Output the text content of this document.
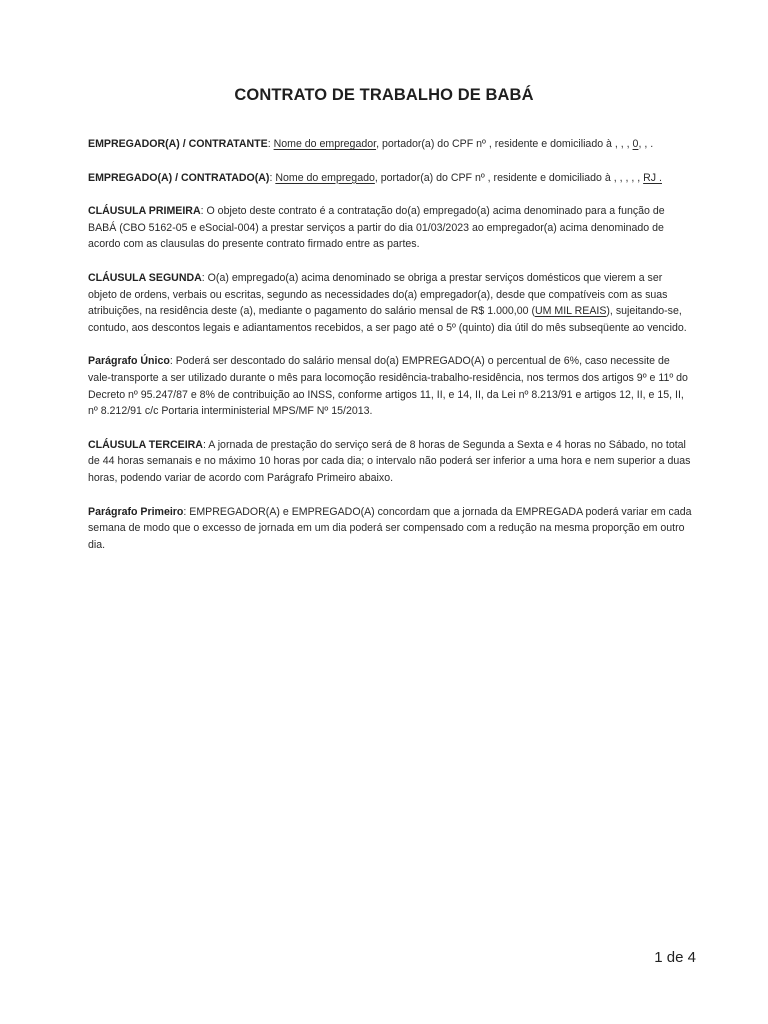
CONTRATO DE TRABALHO DE BABÁ

EMPREGADOR(A) / CONTRATANTE: Nome do empregador, portador(a) do CPF nº , residente e domiciliado à , , , 0, , .

EMPREGADO(A) / CONTRATADO(A): Nome do empregado, portador(a) do CPF nº , residente e domiciliado à , , , , , RJ .

CLÁUSULA PRIMEIRA: O objeto deste contrato é a contratação do(a) empregado(a) acima denominado para a função de BABÁ (CBO 5162-05 e eSocial-004) a prestar serviços a partir do dia 01/03/2023 ao empregador(a) acima denominado de acordo com as clausulas do presente contrato firmado entre as partes.

CLÁUSULA SEGUNDA: O(a) empregado(a) acima denominado se obriga a prestar serviços domésticos que vierem a ser objeto de ordens, verbais ou escritas, segundo as necessidades do(a) empregador(a), desde que compatíveis com as suas atribuições, na residência deste (a), mediante o pagamento do salário mensal de R$ 1.000,00 (UM MIL REAIS), sujeitando-se, contudo, aos descontos legais e adiantamentos recebidos, a ser pago até o 5º (quinto) dia útil do mês subseqüente ao vencido.

Parágrafo Único: Poderá ser descontado do salário mensal do(a) EMPREGADO(A) o percentual de 6%, caso necessite de vale-transporte a ser utilizado durante o mês para locomoção residência-trabalho-residência, nos termos dos artigos 9º e 11º do Decreto nº 95.247/87 e 8% de contribuição ao INSS, conforme artigos 11, II, e 14, II, da Lei nº 8.213/91 e artigos 12, II, e 15, II, nº 8.212/91 c/c Portaria interministerial MPS/MF Nº 15/2013.

CLÁUSULA TERCEIRA: A jornada de prestação do serviço será de 8 horas de Segunda a Sexta e 4 horas no Sábado, no total de 44 horas semanais e no máximo 10 horas por cada dia; o intervalo não poderá ser inferior a uma hora e nem superior a duas horas, podendo variar de acordo com Parágrafo Primeiro abaixo.

Parágrafo Primeiro: EMPREGADOR(A) e EMPREGADO(A) concordam que a jornada da EMPREGADA poderá variar em cada semana de modo que o excesso de jornada em um dia poderá ser compensado com a redução na mesma proporção em outro dia.

1 de 4
